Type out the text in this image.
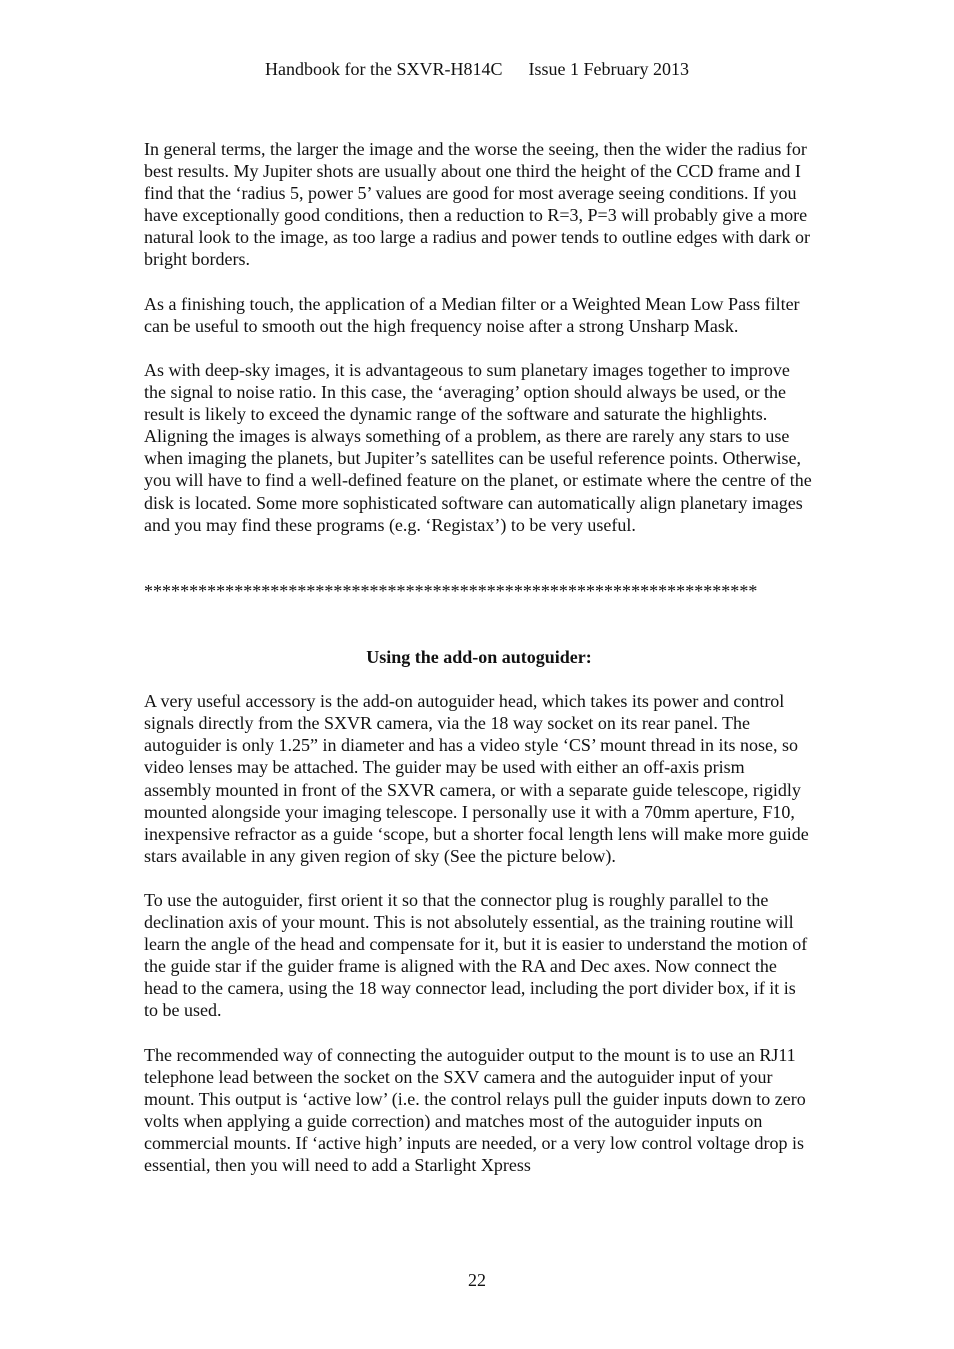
Handbook for the SXVR-H814C Issue 1 February 2013

In general terms, the larger the image and the worse the seeing, then the wider the radius for best results. My Jupiter shots are usually about one third the height of the CCD frame and I find that the ‘radius 5, power 5’ values are good for most average seeing conditions. If you have exceptionally good conditions, then a reduction to R=3, P=3 will probably give a more natural look to the image, as too large a radius and power tends to outline edges with dark or bright borders.

As a finishing touch, the application of a Median filter or a Weighted Mean Low Pass filter can be useful to smooth out the high frequency noise after a strong Unsharp Mask.

As with deep-sky images, it is advantageous to sum planetary images together to improve the signal to noise ratio. In this case, the ‘averaging’ option should always be used, or the result is likely to exceed the dynamic range of the software and saturate the highlights. Aligning the images is always something of a problem, as there are rarely any stars to use when imaging the planets, but Jupiter’s satellites can be useful reference points. Otherwise, you will have to find a well-defined feature on the planet, or estimate where the centre of the disk is located. Some more sophisticated software can automatically align planetary images and you may find these programs (e.g. ‘Registax’) to be very useful.

********************************************************************

Using the add-on autoguider:

A very useful accessory is the add-on autoguider head, which takes its power and control signals directly from the SXVR camera, via the 18 way socket on its rear panel. The autoguider is only 1.25” in diameter and has a video style ‘CS’ mount thread in its nose, so video lenses may be attached. The guider may be used with either an off-axis prism assembly mounted in front of the SXVR camera, or with a separate guide telescope, rigidly mounted alongside your imaging telescope. I personally use it with a 70mm aperture, F10, inexpensive refractor as a guide ‘scope, but a shorter focal length lens will make more guide stars available in any given region of sky (See the picture below).

To use the autoguider, first orient it so that the connector plug is roughly parallel to the declination axis of your mount. This is not absolutely essential, as the training routine will learn the angle of the head and compensate for it, but it is easier to understand the motion of the guide star if the guider frame is aligned with the RA and Dec axes. Now connect the head to the camera, using the 18 way connector lead, including the port divider box, if it is to be used.

The recommended way of connecting the autoguider output to the mount is to use an RJ11 telephone lead between the socket on the SXV camera and the autoguider input of your mount. This output is ‘active low’ (i.e. the control relays pull the guider inputs down to zero volts when applying a guide correction) and matches most of the autoguider inputs on commercial mounts. If ‘active high’ inputs are needed, or a very low control voltage drop is essential, then you will need to add a Starlight Xpress

22
